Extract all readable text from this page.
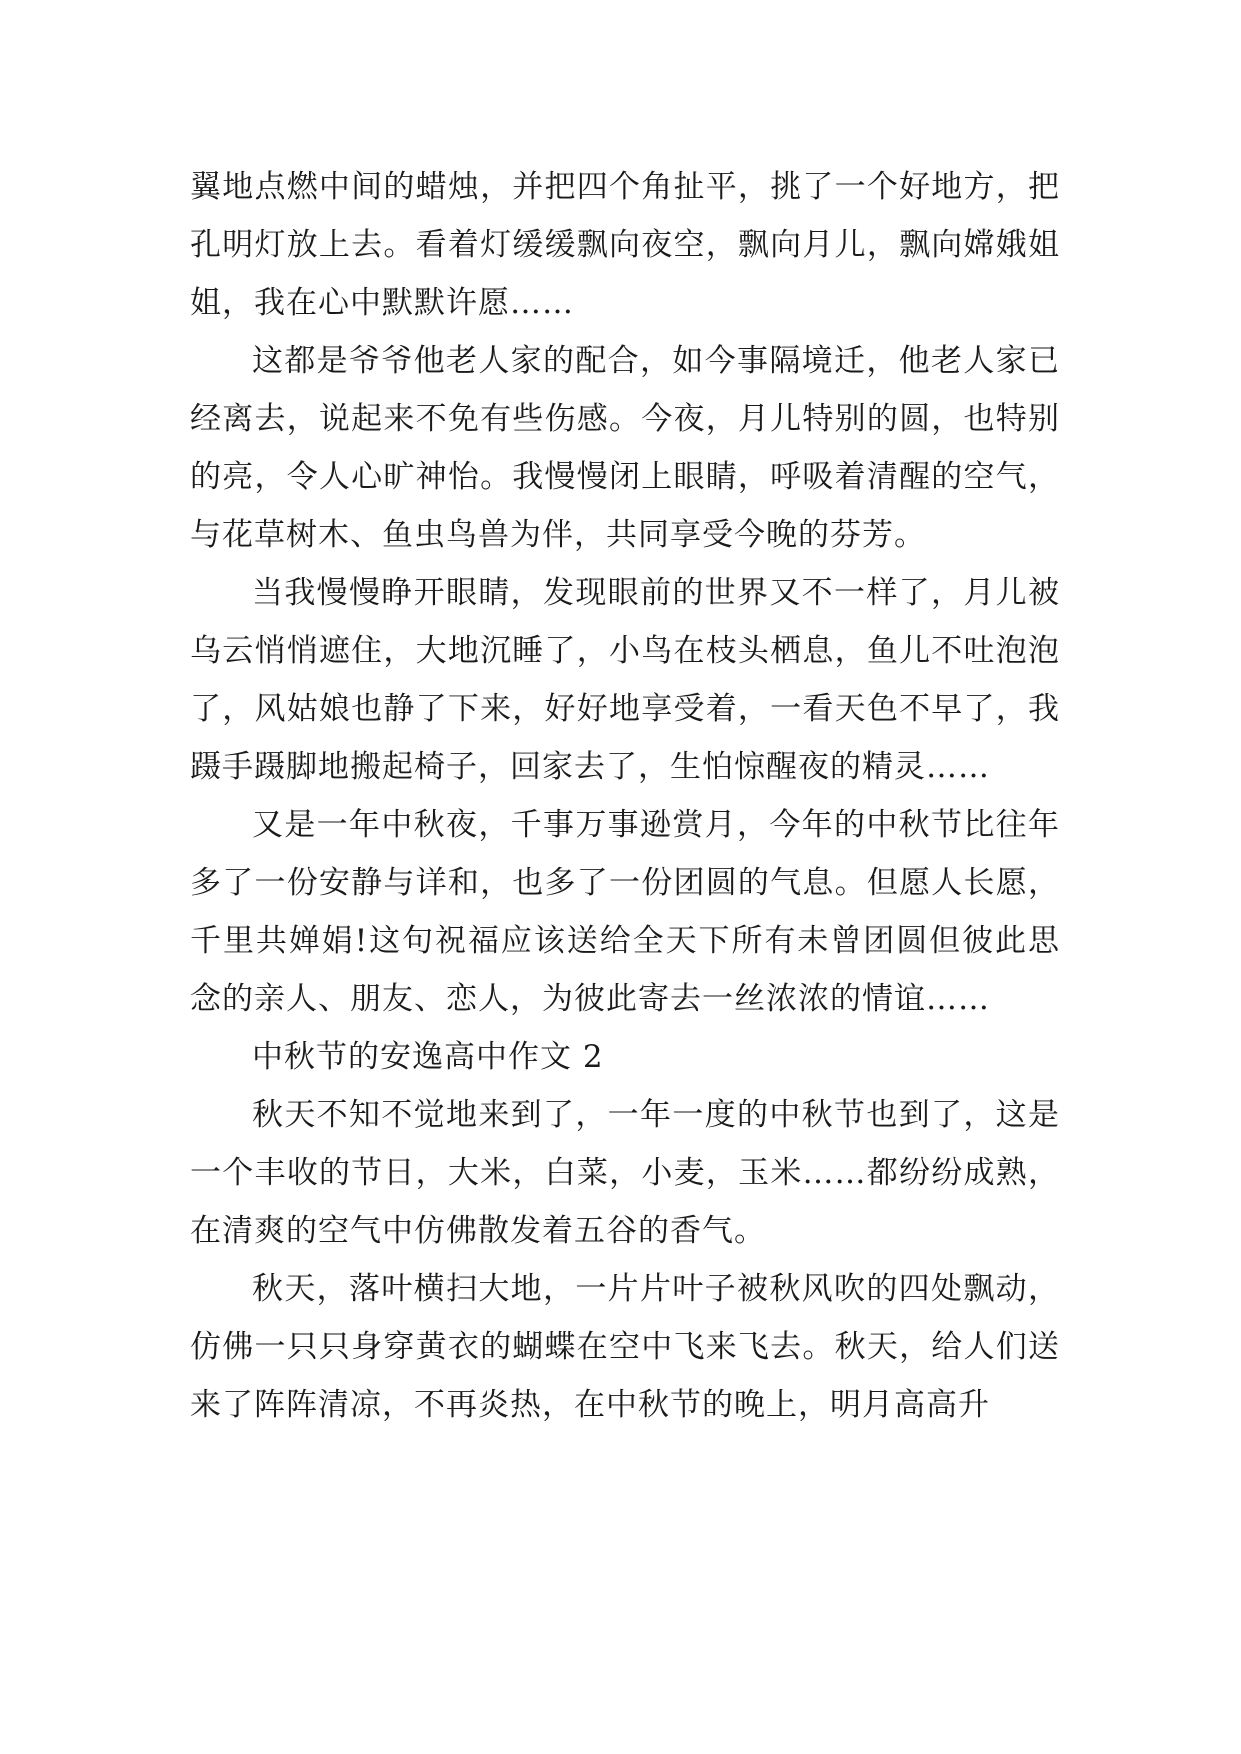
翼地点燃中间的蜡烛，并把四个角扯平，挑了一个好地方，把孔明灯放上去。看着灯缓缓飘向夜空，飘向月儿，飘向嫦娥姐姐，我在心中默默许愿……

这都是爷爷他老人家的配合，如今事隔境迁，他老人家已经离去，说起来不免有些伤感。今夜，月儿特别的圆，也特别的亮，令人心旷神怡。我慢慢闭上眼睛，呼吸着清醒的空气，与花草树木、鱼虫鸟兽为伴，共同享受今晚的芬芳。

当我慢慢睁开眼睛，发现眼前的世界又不一样了，月儿被乌云悄悄遮住，大地沉睡了，小鸟在枝头栖息，鱼儿不吐泡泡了，风姑娘也静了下来，好好地享受着，一看天色不早了，我蹑手蹑脚地搬起椅子，回家去了，生怕惊醒夜的精灵……

又是一年中秋夜，千事万事逊赏月，今年的中秋节比往年多了一份安静与详和，也多了一份团圆的气息。但愿人长愿，千里共婵娟!这句祝福应该送给全天下所有未曾团圆但彼此思念的亲人、朋友、恋人，为彼此寄去一丝浓浓的情谊……

中秋节的安逸高中作文 2

秋天不知不觉地来到了，一年一度的中秋节也到了，这是一个丰收的节日，大米，白菜，小麦，玉米……都纷纷成熟，在清爽的空气中仿佛散发着五谷的香气。

秋天，落叶横扫大地，一片片叶子被秋风吹的四处飘动，仿佛一只只身穿黄衣的蝴蝶在空中飞来飞去。秋天，给人们送来了阵阵清凉，不再炎热，在中秋节的晚上，明月高高升
